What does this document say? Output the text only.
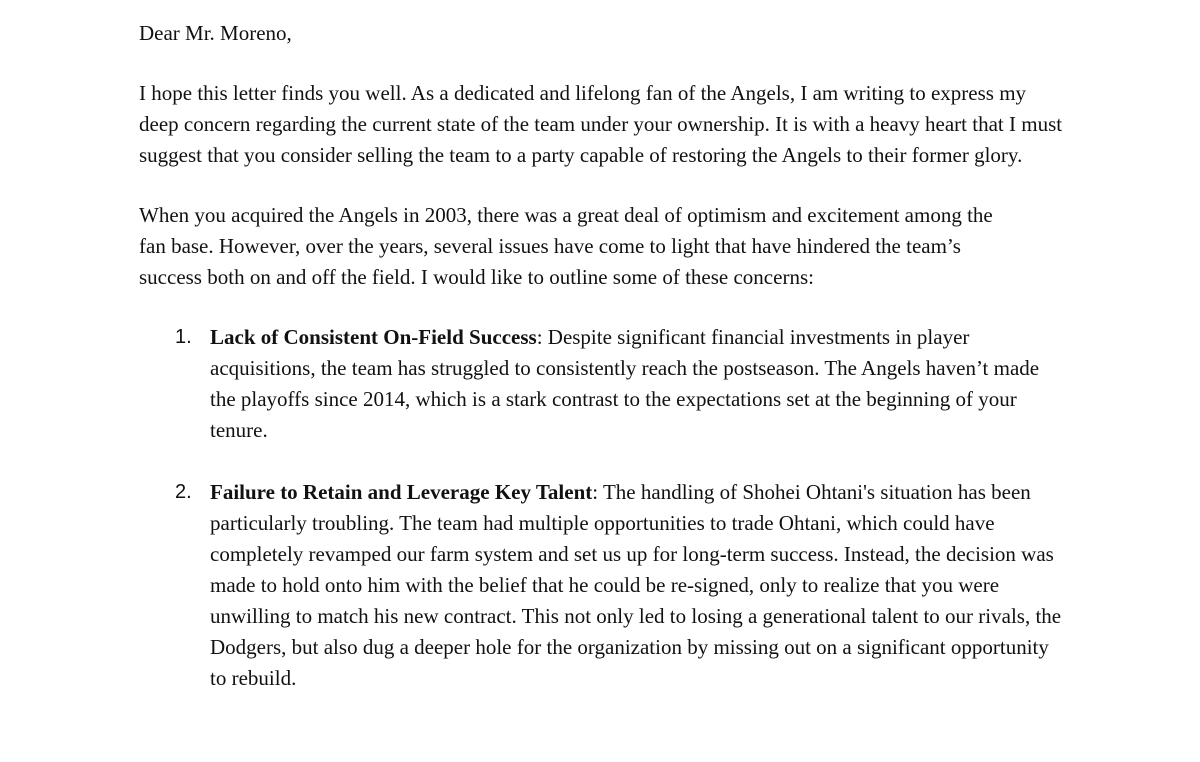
Dear Mr. Moreno,

I hope this letter finds you well. As a dedicated and lifelong fan of the Angels, I am writing to express my deep concern regarding the current state of the team under your ownership. It is with a heavy heart that I must suggest that you consider selling the team to a party capable of restoring the Angels to their former glory.

When you acquired the Angels in 2003, there was a great deal of optimism and excitement among the fan base. However, over the years, several issues have come to light that have hindered the team’s success both on and off the field. I would like to outline some of these concerns:

1. Lack of Consistent On-Field Success: Despite significant financial investments in player acquisitions, the team has struggled to consistently reach the postseason. The Angels haven’t made the playoffs since 2014, which is a stark contrast to the expectations set at the beginning of your tenure.
2. Failure to Retain and Leverage Key Talent: The handling of Shohei Ohtani's situation has been particularly troubling. The team had multiple opportunities to trade Ohtani, which could have completely revamped our farm system and set us up for long-term success. Instead, the decision was made to hold onto him with the belief that he could be re-signed, only to realize that you were unwilling to match his new contract. This not only led to losing a generational talent to our rivals, the Dodgers, but also dug a deeper hole for the organization by missing out on a significant opportunity to rebuild.
